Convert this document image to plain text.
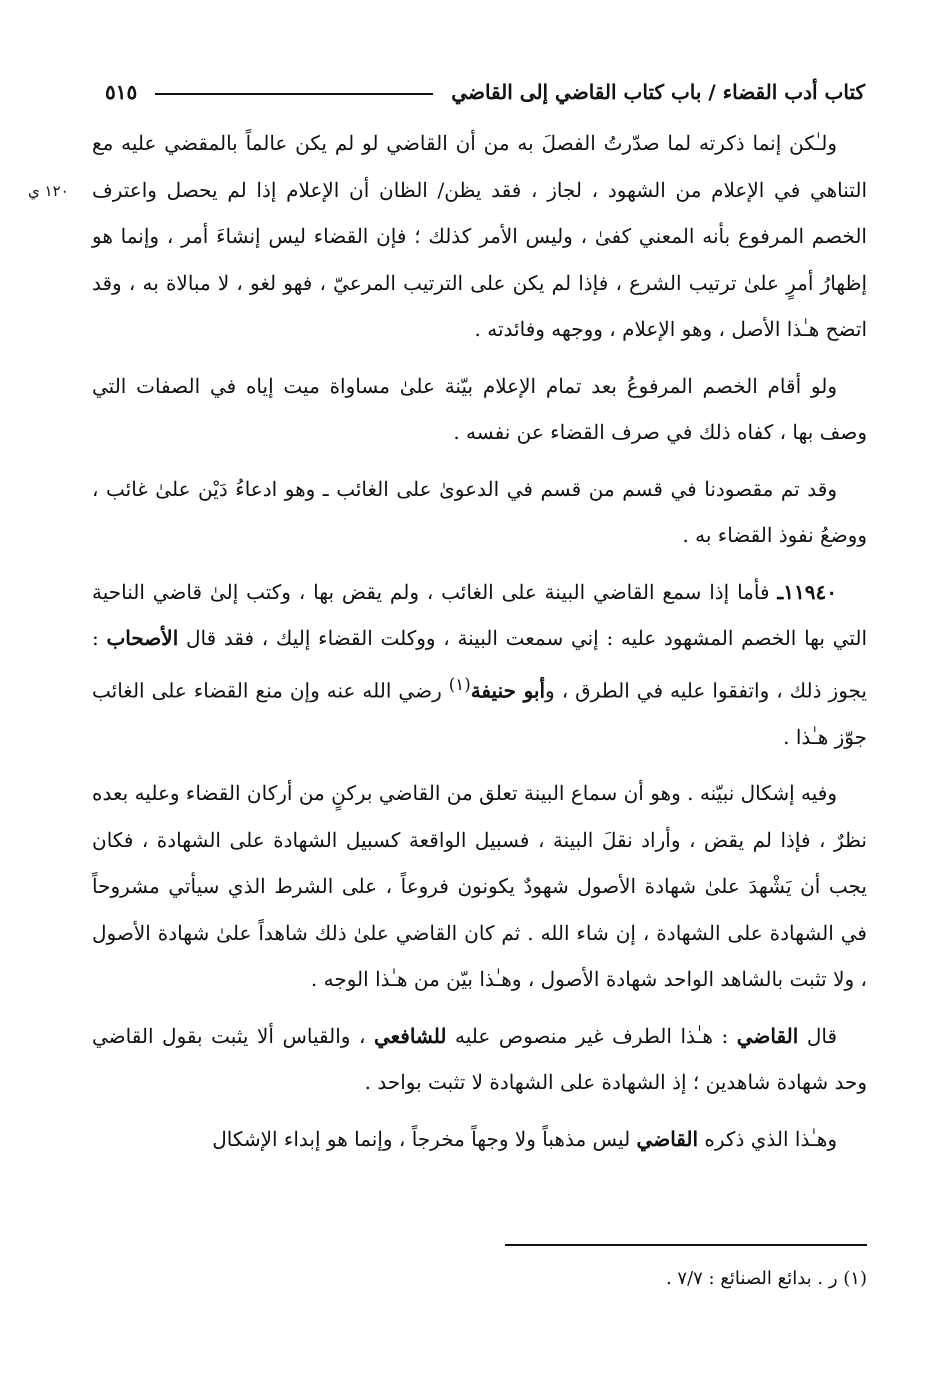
كتاب أدب القضاء / باب كتاب القاضي إلى القاضي
٥١٥
١٢٠ ي

ولـٰكن إنما ذكرته لما صدّرتُ الفصلَ به من أن القاضي لو لم يكن عالماً بالمقضي عليه مع التناهي في الإعلام من الشهود ، لجاز ، فقد يظن/ الظان أن الإعلام إذا لم يحصل واعترف الخصم المرفوع بأنه المعني كفىٰ ، وليس الأمر كذلك ؛ فإن القضاء ليس إنشاءَ أمر ، وإنما هو إظهارُ أمرٍ علىٰ ترتيب الشرع ، فإذا لم يكن على الترتيب المرعيّ ، فهو لغو ، لا مبالاة به ، وقد اتضح هـٰذا الأصل ، وهو الإعلام ، ووجهه وفائدته .

ولو أقام الخصم المرفوعُ بعد تمام الإعلام بيّنة علىٰ مساواة ميت إياه في الصفات التي وصف بها ، كفاه ذلك في صرف القضاء عن نفسه .

وقد تم مقصودنا في قسم من قسم في الدعوىٰ على الغائب ـ وهو ادعاءُ دَيْن علىٰ غائب ، ووضعُ نفوذ القضاء به .

١١٩٤٠ـ فأما إذا سمع القاضي البينة على الغائب ، ولم يقض بها ، وكتب إلىٰ قاضي الناحية التي بها الخصم المشهود عليه : إني سمعت البينة ، ووكلت القضاء إليك ، فقد قال الأصحاب : يجوز ذلك ، واتفقوا عليه في الطرق ، وأبو حنيفة$^{(١)}$ رضي الله عنه وإن منع القضاء على الغائب جوّز هـٰذا .

وفيه إشكال نبيّنه . وهو أن سماع البينة تعلق من القاضي بركنٍ من أركان القضاء وعليه بعده نظرٌ ، فإذا لم يقض ، وأراد نقلَ البينة ، فسبيل الواقعة كسبيل الشهادة على الشهادة ، فكان يجب أن يَشْهدَ علىٰ شهادة الأصول شهودٌ يكونون فروعاً ، على الشرط الذي سيأتي مشروحاً في الشهادة على الشهادة ، إن شاء الله . ثم كان القاضي علىٰ ذلك شاهداً علىٰ شهادة الأصول ، ولا تثبت بالشاهد الواحد شهادة الأصول ، وهـٰذا بيّن من هـٰذا الوجه .

قال القاضي : هـٰذا الطرف غير منصوص عليه للشافعي ، والقياس ألا يثبت بقول القاضي وحد شهادة شاهدين ؛ إذ الشهادة على الشهادة لا تثبت بواحد .

وهـٰذا الذي ذكره القاضي ليس مذهباً ولا وجهاً مخرجاً ، وإنما هو إبداء الإشكال

(١) ر . بدائع الصنائع : ٧/٧ .
